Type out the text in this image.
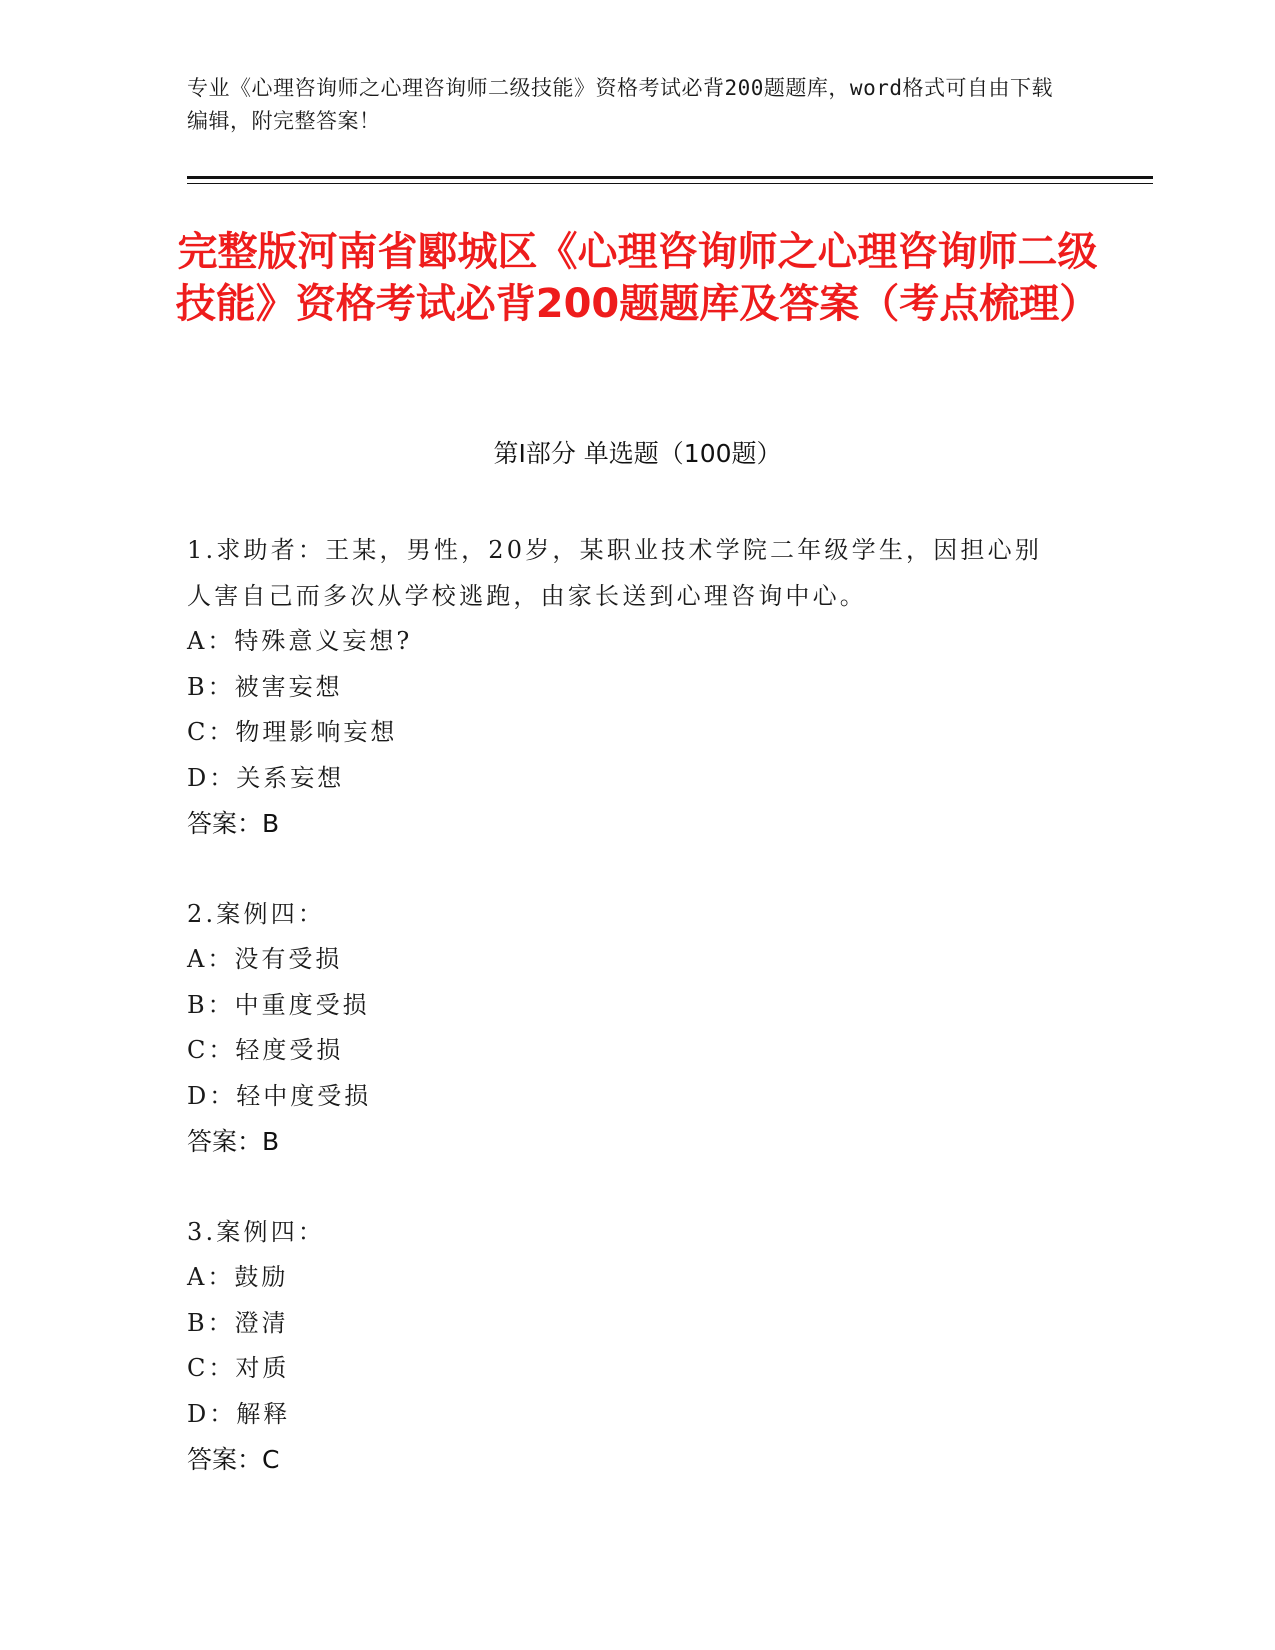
专业《心理咨询师之心理咨询师二级技能》资格考试必背200题题库，word格式可自由下载编辑，附完整答案！
完整版河南省郾城区《心理咨询师之心理咨询师二级技能》资格考试必背200题题库及答案（考点梳理）
第Ⅰ部分 单选题（100题）
1.求助者：王某，男性，20岁，某职业技术学院二年级学生，因担心别人害自己而多次从学校逃跑，由家长送到心理咨询中心。
A：特殊意义妄想?
B：被害妄想
C：物理影响妄想
D：关系妄想
答案：B
2.案例四：
A：没有受损
B：中重度受损
C：轻度受损
D：轻中度受损
答案：B
3.案例四：
A：鼓励
B：澄清
C：对质
D：解释
答案：C
